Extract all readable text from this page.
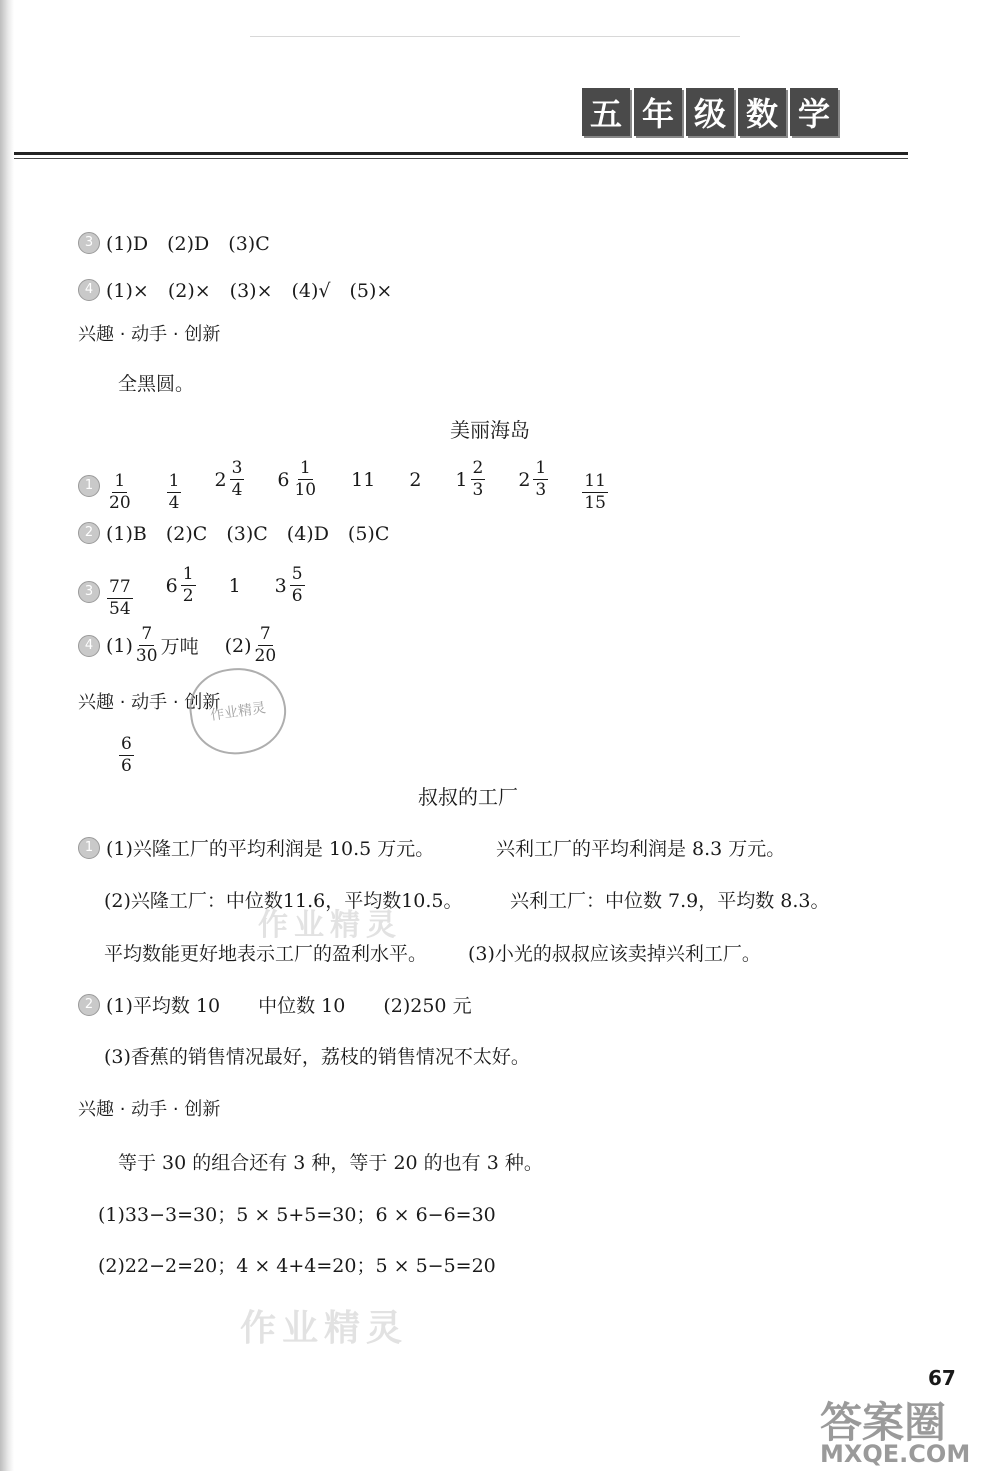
五 年 级 数 学
3 (1)D　(2)D　(3)C
4 (1)×　(2)×　(3)×　(4)√　(5)×
兴趣 · 动手 · 创新
全黑圆。
美丽海岛
$1 \frac{1}{20} \frac{1}{4} 2 \frac{3}{4} 6 \frac{1}{10} 11$ 2 $1 \frac{2}{3} 2 \frac{1}{3} \frac{11}{15}$
2 (1)B　(2)C　(3)C　(4)D　(5)C
$3 \frac{77}{54} 6 \frac{1}{2} 1$ $3 \frac{5}{6}$
4 $(1) \frac{7}{30}$ 万吨 $(2) \frac{7}{20}$
兴趣 · 动手 · 创新
$\frac{6}{6}$
作业精灵
叔叔的工厂
1 (1)兴隆工厂的平均利润是 10.5 万元。	兴利工厂的平均利润是 8.3 万元。
(2)兴隆工厂：中位数11.6，平均数10.5。 兴利工厂：中位数 7.9，平均数 8.3。
作业精灵
平均数能更好地表示工厂的盈利水平。 (3)小光的叔叔应该卖掉兴利工厂。
2 (1)平均数 10　　中位数 10　　(2)250 元
(3)香蕉的销售情况最好，荔枝的销售情况不太好。
兴趣 · 动手 · 创新
等于 30 的组合还有 3 种，等于 20 的也有 3 种。
(1)33−3=30；5 × 5+5=30；6 × 6−6=30
(2)22−2=20；4 × 4+4=20；5 × 5−5=20
作业精灵
67
答案圈
MXQE.COM
